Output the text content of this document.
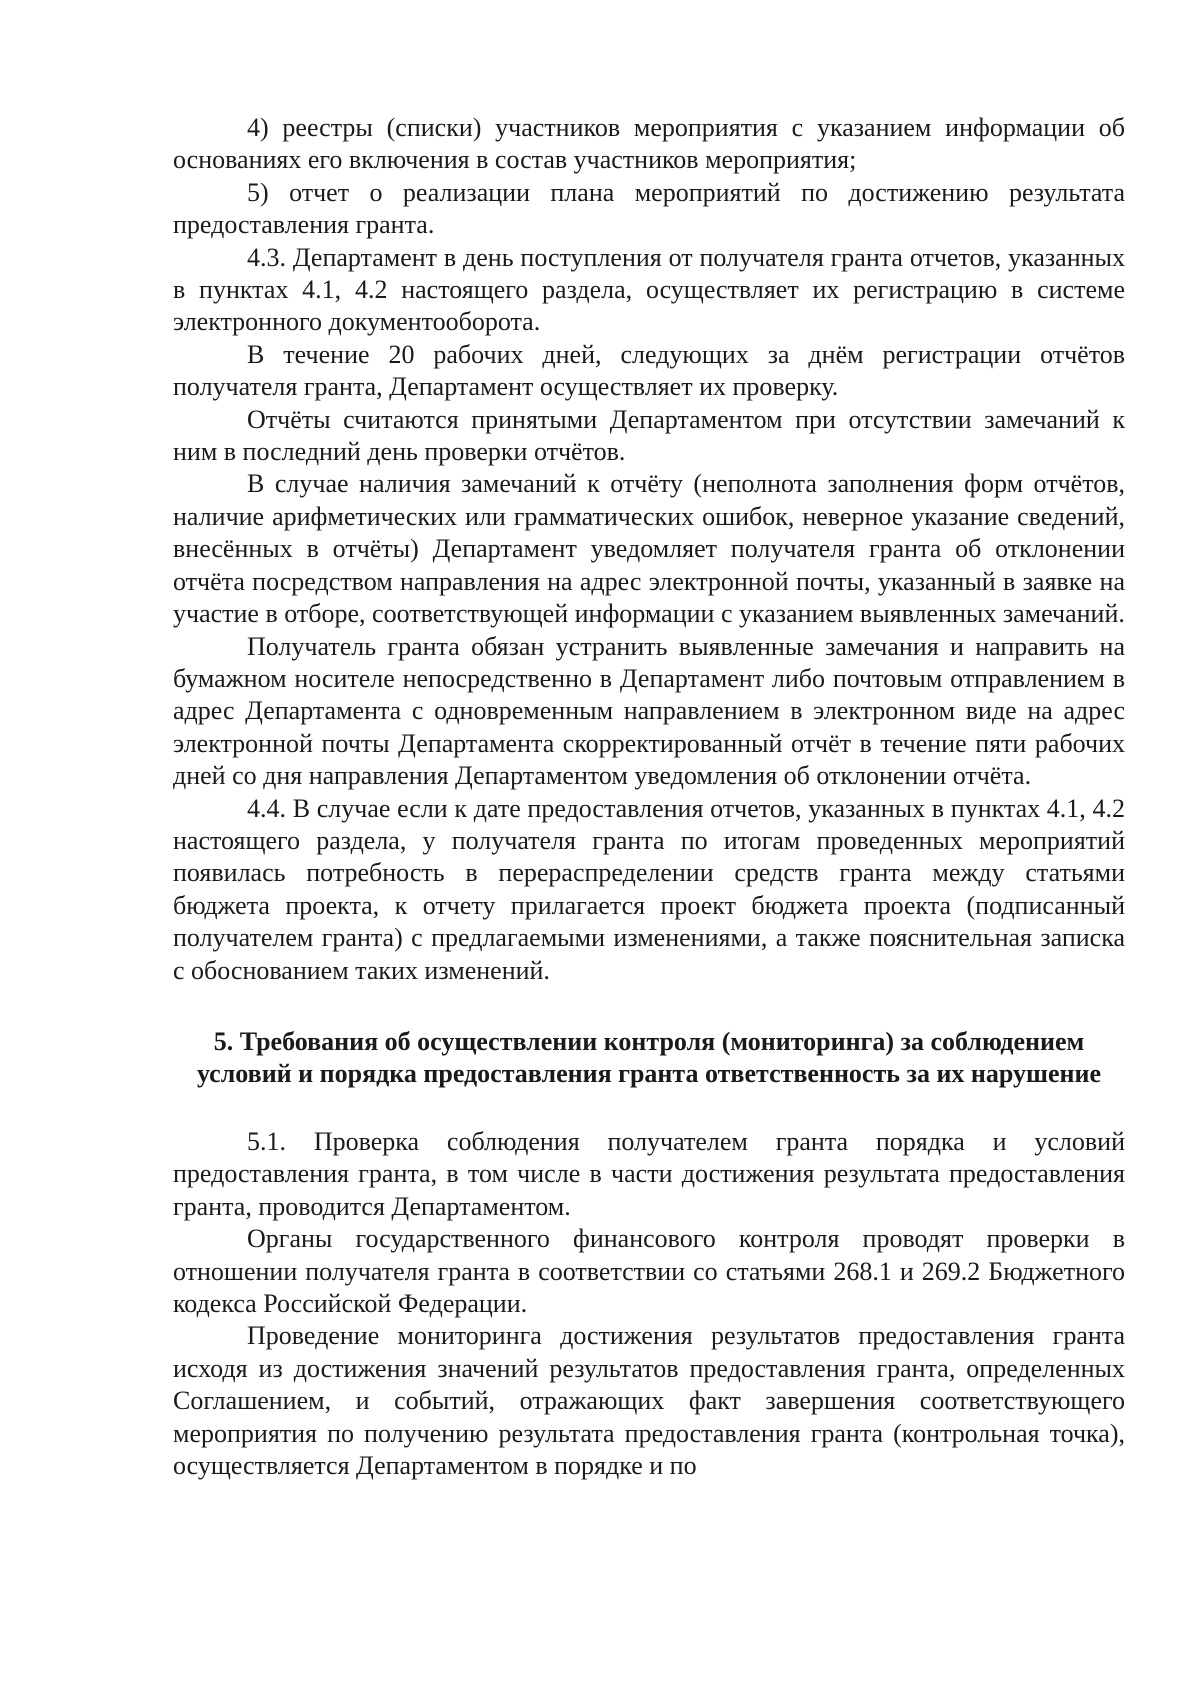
4) реестры (списки) участников мероприятия с указанием информации об основаниях его включения в состав участников мероприятия;

5) отчет о реализации плана мероприятий по достижению результата предоставления гранта.

4.3. Департамент в день поступления от получателя гранта отчетов, указанных в пунктах 4.1, 4.2 настоящего раздела, осуществляет их регистрацию в системе электронного документооборота.

В течение 20 рабочих дней, следующих за днём регистрации отчётов получателя гранта, Департамент осуществляет их проверку.

Отчёты считаются принятыми Департаментом при отсутствии замечаний к ним в последний день проверки отчётов.

В случае наличия замечаний к отчёту (неполнота заполнения форм отчётов, наличие арифметических или грамматических ошибок, неверное указание сведений, внесённых в отчёты) Департамент уведомляет получателя гранта об отклонении отчёта посредством направления на адрес электронной почты, указанный в заявке на участие в отборе, соответствующей информации с указанием выявленных замечаний.

Получатель гранта обязан устранить выявленные замечания и направить на бумажном носителе непосредственно в Департамент либо почтовым отправлением в адрес Департамента с одновременным направлением в электронном виде на адрес электронной почты Департамента скорректированный отчёт в течение пяти рабочих дней со дня направления Департаментом уведомления об отклонении отчёта.

4.4. В случае если к дате предоставления отчетов, указанных в пунктах 4.1, 4.2 настоящего раздела, у получателя гранта по итогам проведенных мероприятий появилась потребность в перераспределении средств гранта между статьями бюджета проекта, к отчету прилагается проект бюджета проекта (подписанный получателем гранта) с предлагаемыми изменениями, а также пояснительная записка с обоснованием таких изменений.

5. Требования об осуществлении контроля (мониторинга) за соблюдением условий и порядка предоставления гранта ответственность за их нарушение

5.1. Проверка соблюдения получателем гранта порядка и условий предоставления гранта, в том числе в части достижения результата предоставления гранта, проводится Департаментом.

Органы государственного финансового контроля проводят проверки в отношении получателя гранта в соответствии со статьями 268.1 и 269.2 Бюджетного кодекса Российской Федерации.

Проведение мониторинга достижения результатов предоставления гранта исходя из достижения значений результатов предоставления гранта, определенных Соглашением, и событий, отражающих факт завершения соответствующего мероприятия по получению результата предоставления гранта (контрольная точка), осуществляется Департаментом в порядке и по
